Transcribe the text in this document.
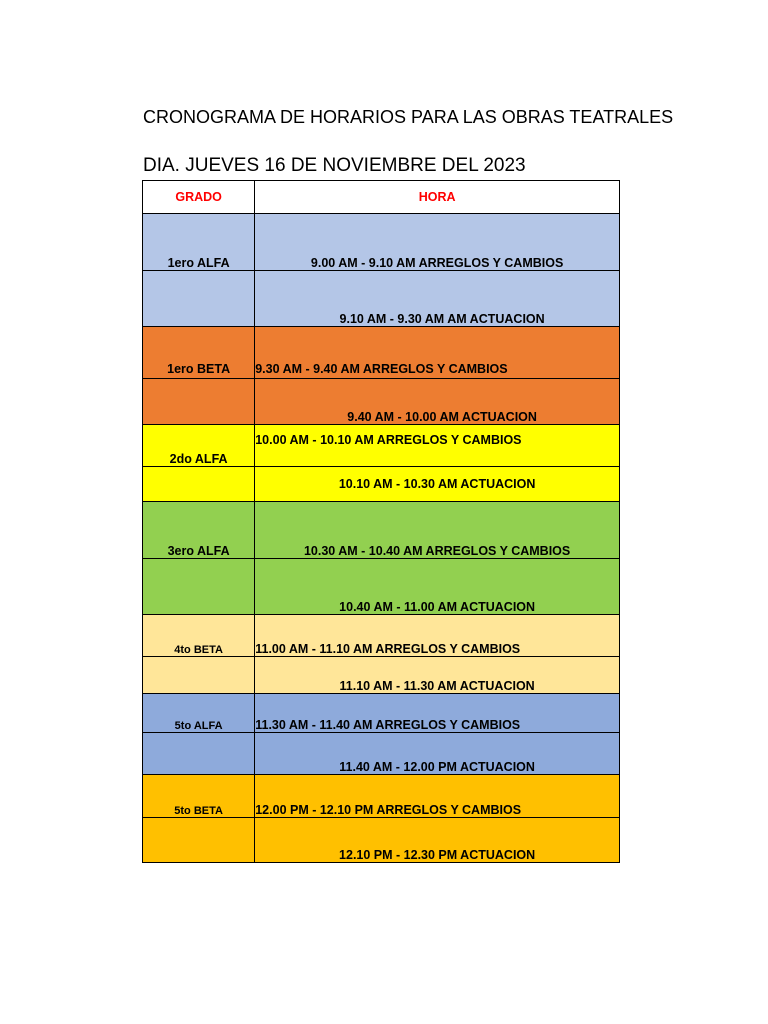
CRONOGRAMA DE HORARIOS PARA LAS OBRAS TEATRALES
DIA. JUEVES 16 DE NOVIEMBRE DEL 2023
GRADO	HORA
1ero ALFA	9.00 AM - 9.10 AM ARREGLOS Y CAMBIOS
	9.10 AM - 9.30 AM AM ACTUACION
1ero BETA	9.30 AM - 9.40 AM ARREGLOS Y CAMBIOS
	9.40 AM - 10.00 AM ACTUACION
2do ALFA	10.00 AM - 10.10 AM ARREGLOS Y CAMBIOS
	10.10 AM - 10.30 AM ACTUACION
3ero ALFA	10.30 AM - 10.40 AM ARREGLOS Y CAMBIOS
	10.40 AM - 11.00 AM ACTUACION
4to BETA	11.00 AM - 11.10 AM ARREGLOS Y CAMBIOS
	11.10 AM - 11.30 AM ACTUACION
5to ALFA	11.30 AM - 11.40 AM ARREGLOS Y CAMBIOS
	11.40 AM - 12.00 PM ACTUACION
5to BETA	12.00 PM - 12.10 PM ARREGLOS Y CAMBIOS
	12.10 PM - 12.30 PM ACTUACION
